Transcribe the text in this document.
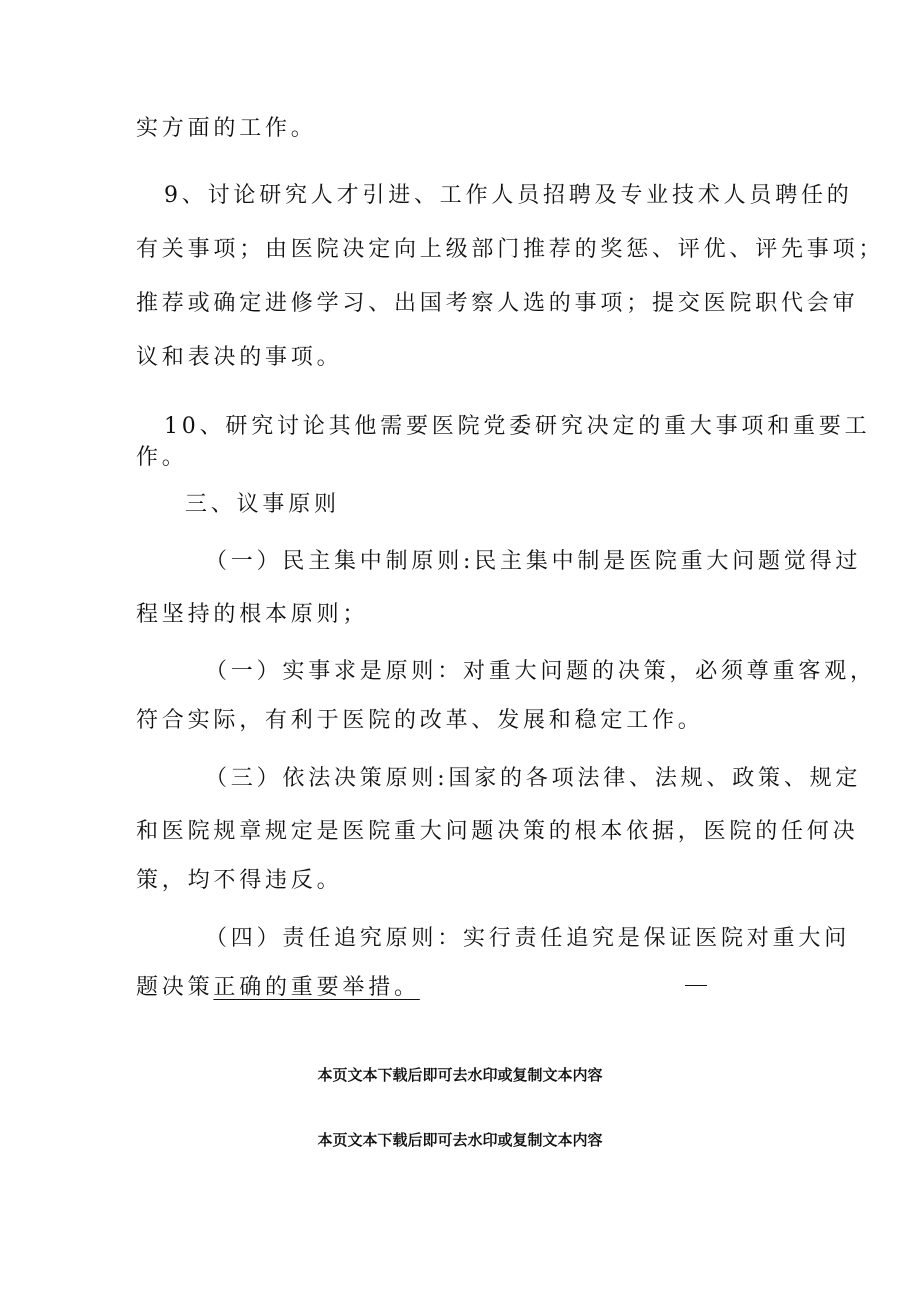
实方面的工作。
9、讨论研究人才引进、工作人员招聘及专业技术人员聘任的
有关事项；由医院决定向上级部门推荐的奖惩、评优、评先事项；
推荐或确定进修学习、出国考察人选的事项；提交医院职代会审
议和表决的事项。
10、研究讨论其他需要医院党委研究决定的重大事项和重要工
作。
三、议事原则
（一）民主集中制原则:民主集中制是医院重大问题觉得过
程坚持的根本原则；
（一）实事求是原则：对重大问题的决策，必须尊重客观，
符合实际，有利于医院的改革、发展和稳定工作。
（三）依法决策原则:国家的各项法律、法规、政策、规定
和医院规章规定是医院重大问题决策的根本依据，医院的任何决
策，均不得违反。
（四）责任追究原则：实行责任追究是保证医院对重大问
题决策正确的重要举措。
本页文本下载后即可去水印或复制文本内容
本页文本下载后即可去水印或复制文本内容
